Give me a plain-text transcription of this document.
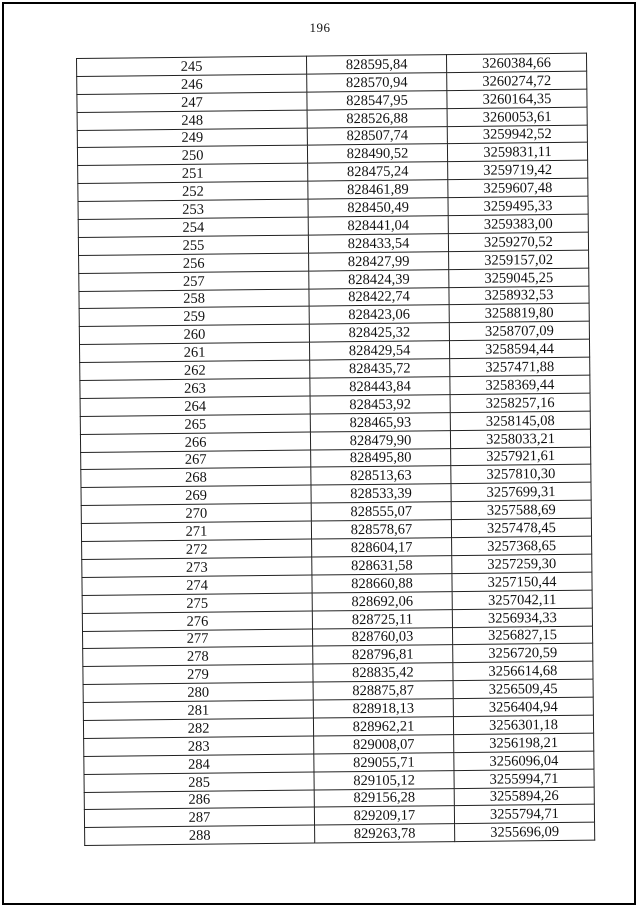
196
245	828595,84	3260384,66
246	828570,94	3260274,72
247	828547,95	3260164,35
248	828526,88	3260053,61
249	828507,74	3259942,52
250	828490,52	3259831,11
251	828475,24	3259719,42
252	828461,89	3259607,48
253	828450,49	3259495,33
254	828441,04	3259383,00
255	828433,54	3259270,52
256	828427,99	3259157,02
257	828424,39	3259045,25
258	828422,74	3258932,53
259	828423,06	3258819,80
260	828425,32	3258707,09
261	828429,54	3258594,44
262	828435,72	3257471,88
263	828443,84	3258369,44
264	828453,92	3258257,16
265	828465,93	3258145,08
266	828479,90	3258033,21
267	828495,80	3257921,61
268	828513,63	3257810,30
269	828533,39	3257699,31
270	828555,07	3257588,69
271	828578,67	3257478,45
272	828604,17	3257368,65
273	828631,58	3257259,30
274	828660,88	3257150,44
275	828692,06	3257042,11
276	828725,11	3256934,33
277	828760,03	3256827,15
278	828796,81	3256720,59
279	828835,42	3256614,68
280	828875,87	3256509,45
281	828918,13	3256404,94
282	828962,21	3256301,18
283	829008,07	3256198,21
284	829055,71	3256096,04
285	829105,12	3255994,71
286	829156,28	3255894,26
287	829209,17	3255794,71
288	829263,78	3255696,09
